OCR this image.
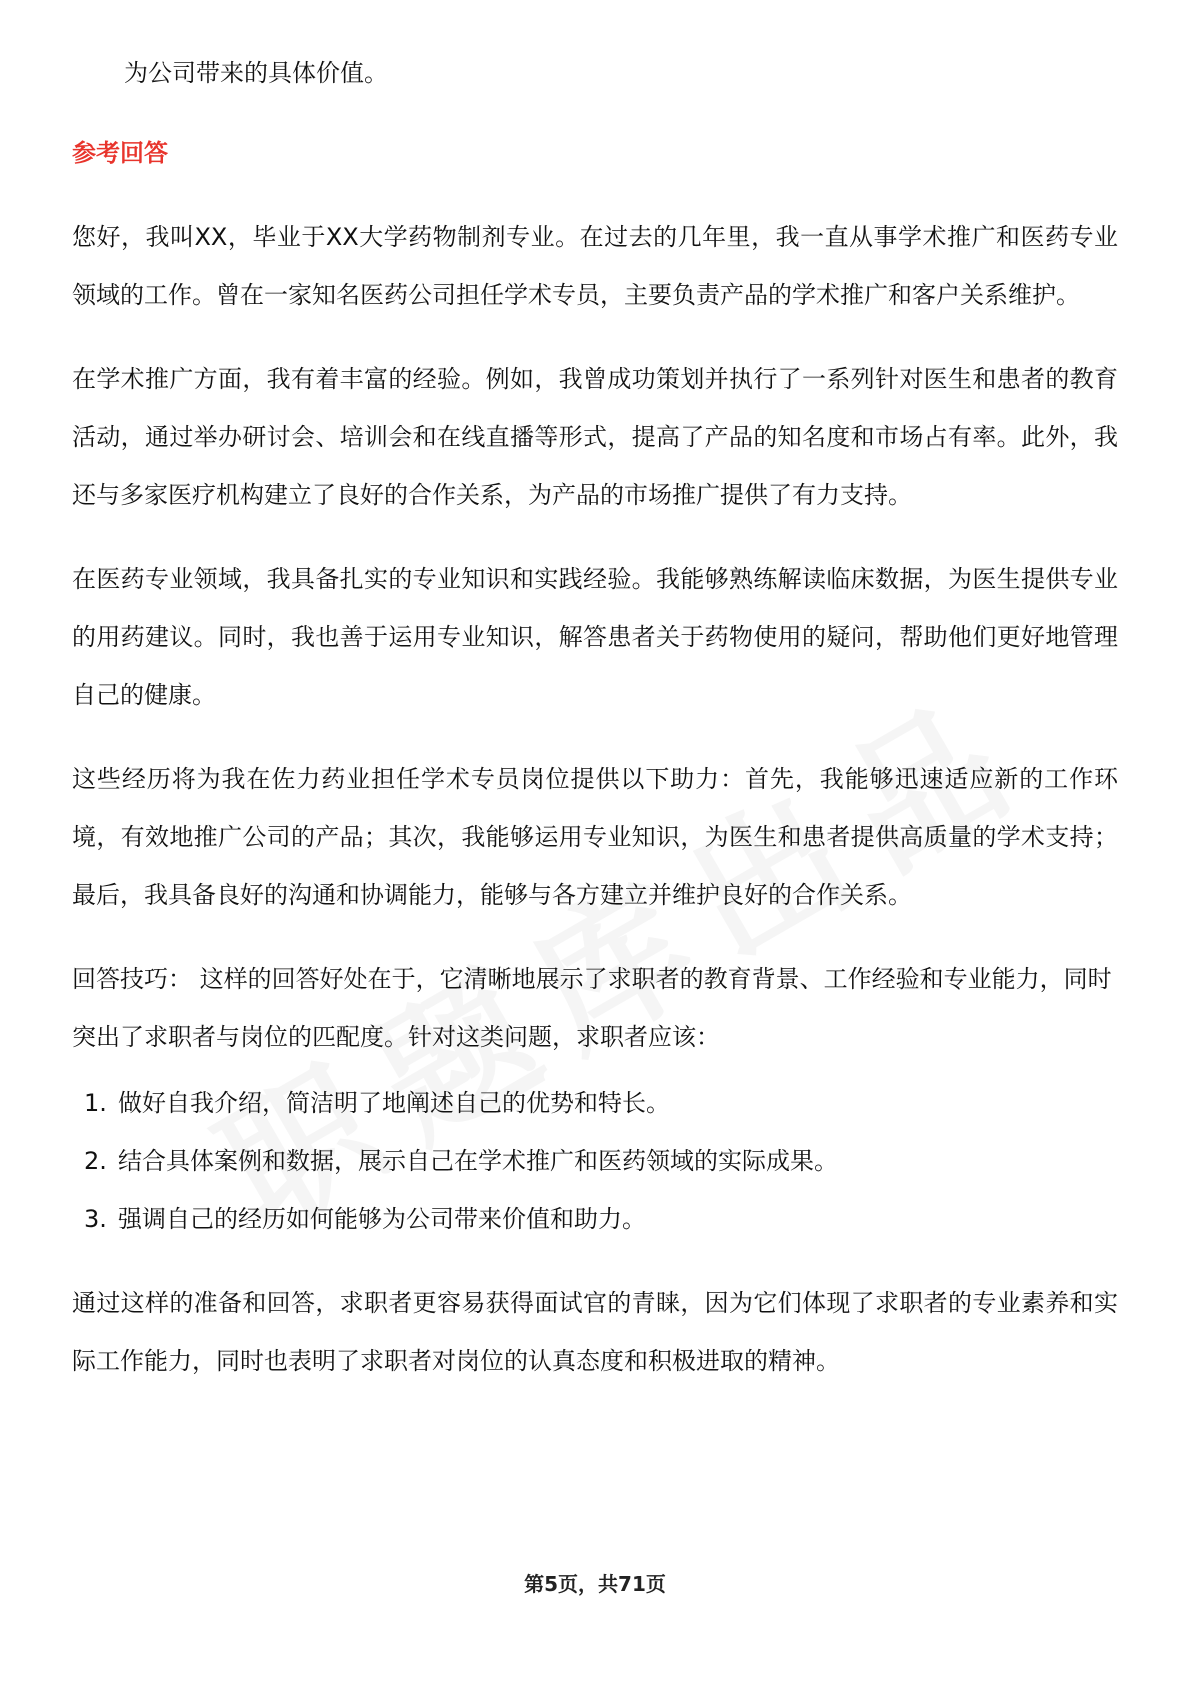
为公司带来的具体价值。

参考回答

您好，我叫XX，毕业于XX大学药物制剂专业。在过去的几年里，我一直从事学术推广和医药专业领域的工作。曾在一家知名医药公司担任学术专员，主要负责产品的学术推广和客户关系维护。

在学术推广方面，我有着丰富的经验。例如，我曾成功策划并执行了一系列针对医生和患者的教育活动，通过举办研讨会、培训会和在线直播等形式，提高了产品的知名度和市场占有率。此外，我还与多家医疗机构建立了良好的合作关系，为产品的市场推广提供了有力支持。

在医药专业领域，我具备扎实的专业知识和实践经验。我能够熟练解读临床数据，为医生提供专业的用药建议。同时，我也善于运用专业知识，解答患者关于药物使用的疑问，帮助他们更好地管理自己的健康。

这些经历将为我在佐力药业担任学术专员岗位提供以下助力：首先，我能够迅速适应新的工作环境，有效地推广公司的产品；其次，我能够运用专业知识，为医生和患者提供高质量的学术支持；最后，我具备良好的沟通和协调能力，能够与各方建立并维护良好的合作关系。

回答技巧： 这样的回答好处在于，它清晰地展示了求职者的教育背景、工作经验和专业能力，同时突出了求职者与岗位的匹配度。针对这类问题，求职者应该：

1. 做好自我介绍，简洁明了地阐述自己的优势和特长。
2. 结合具体案例和数据，展示自己在学术推广和医药领域的实际成果。
3. 强调自己的经历如何能够为公司带来价值和助力。

通过这样的准备和回答，求职者更容易获得面试官的青睐，因为它们体现了求职者的专业素养和实际工作能力，同时也表明了求职者对岗位的认真态度和积极进取的精神。

第5页，共71页
